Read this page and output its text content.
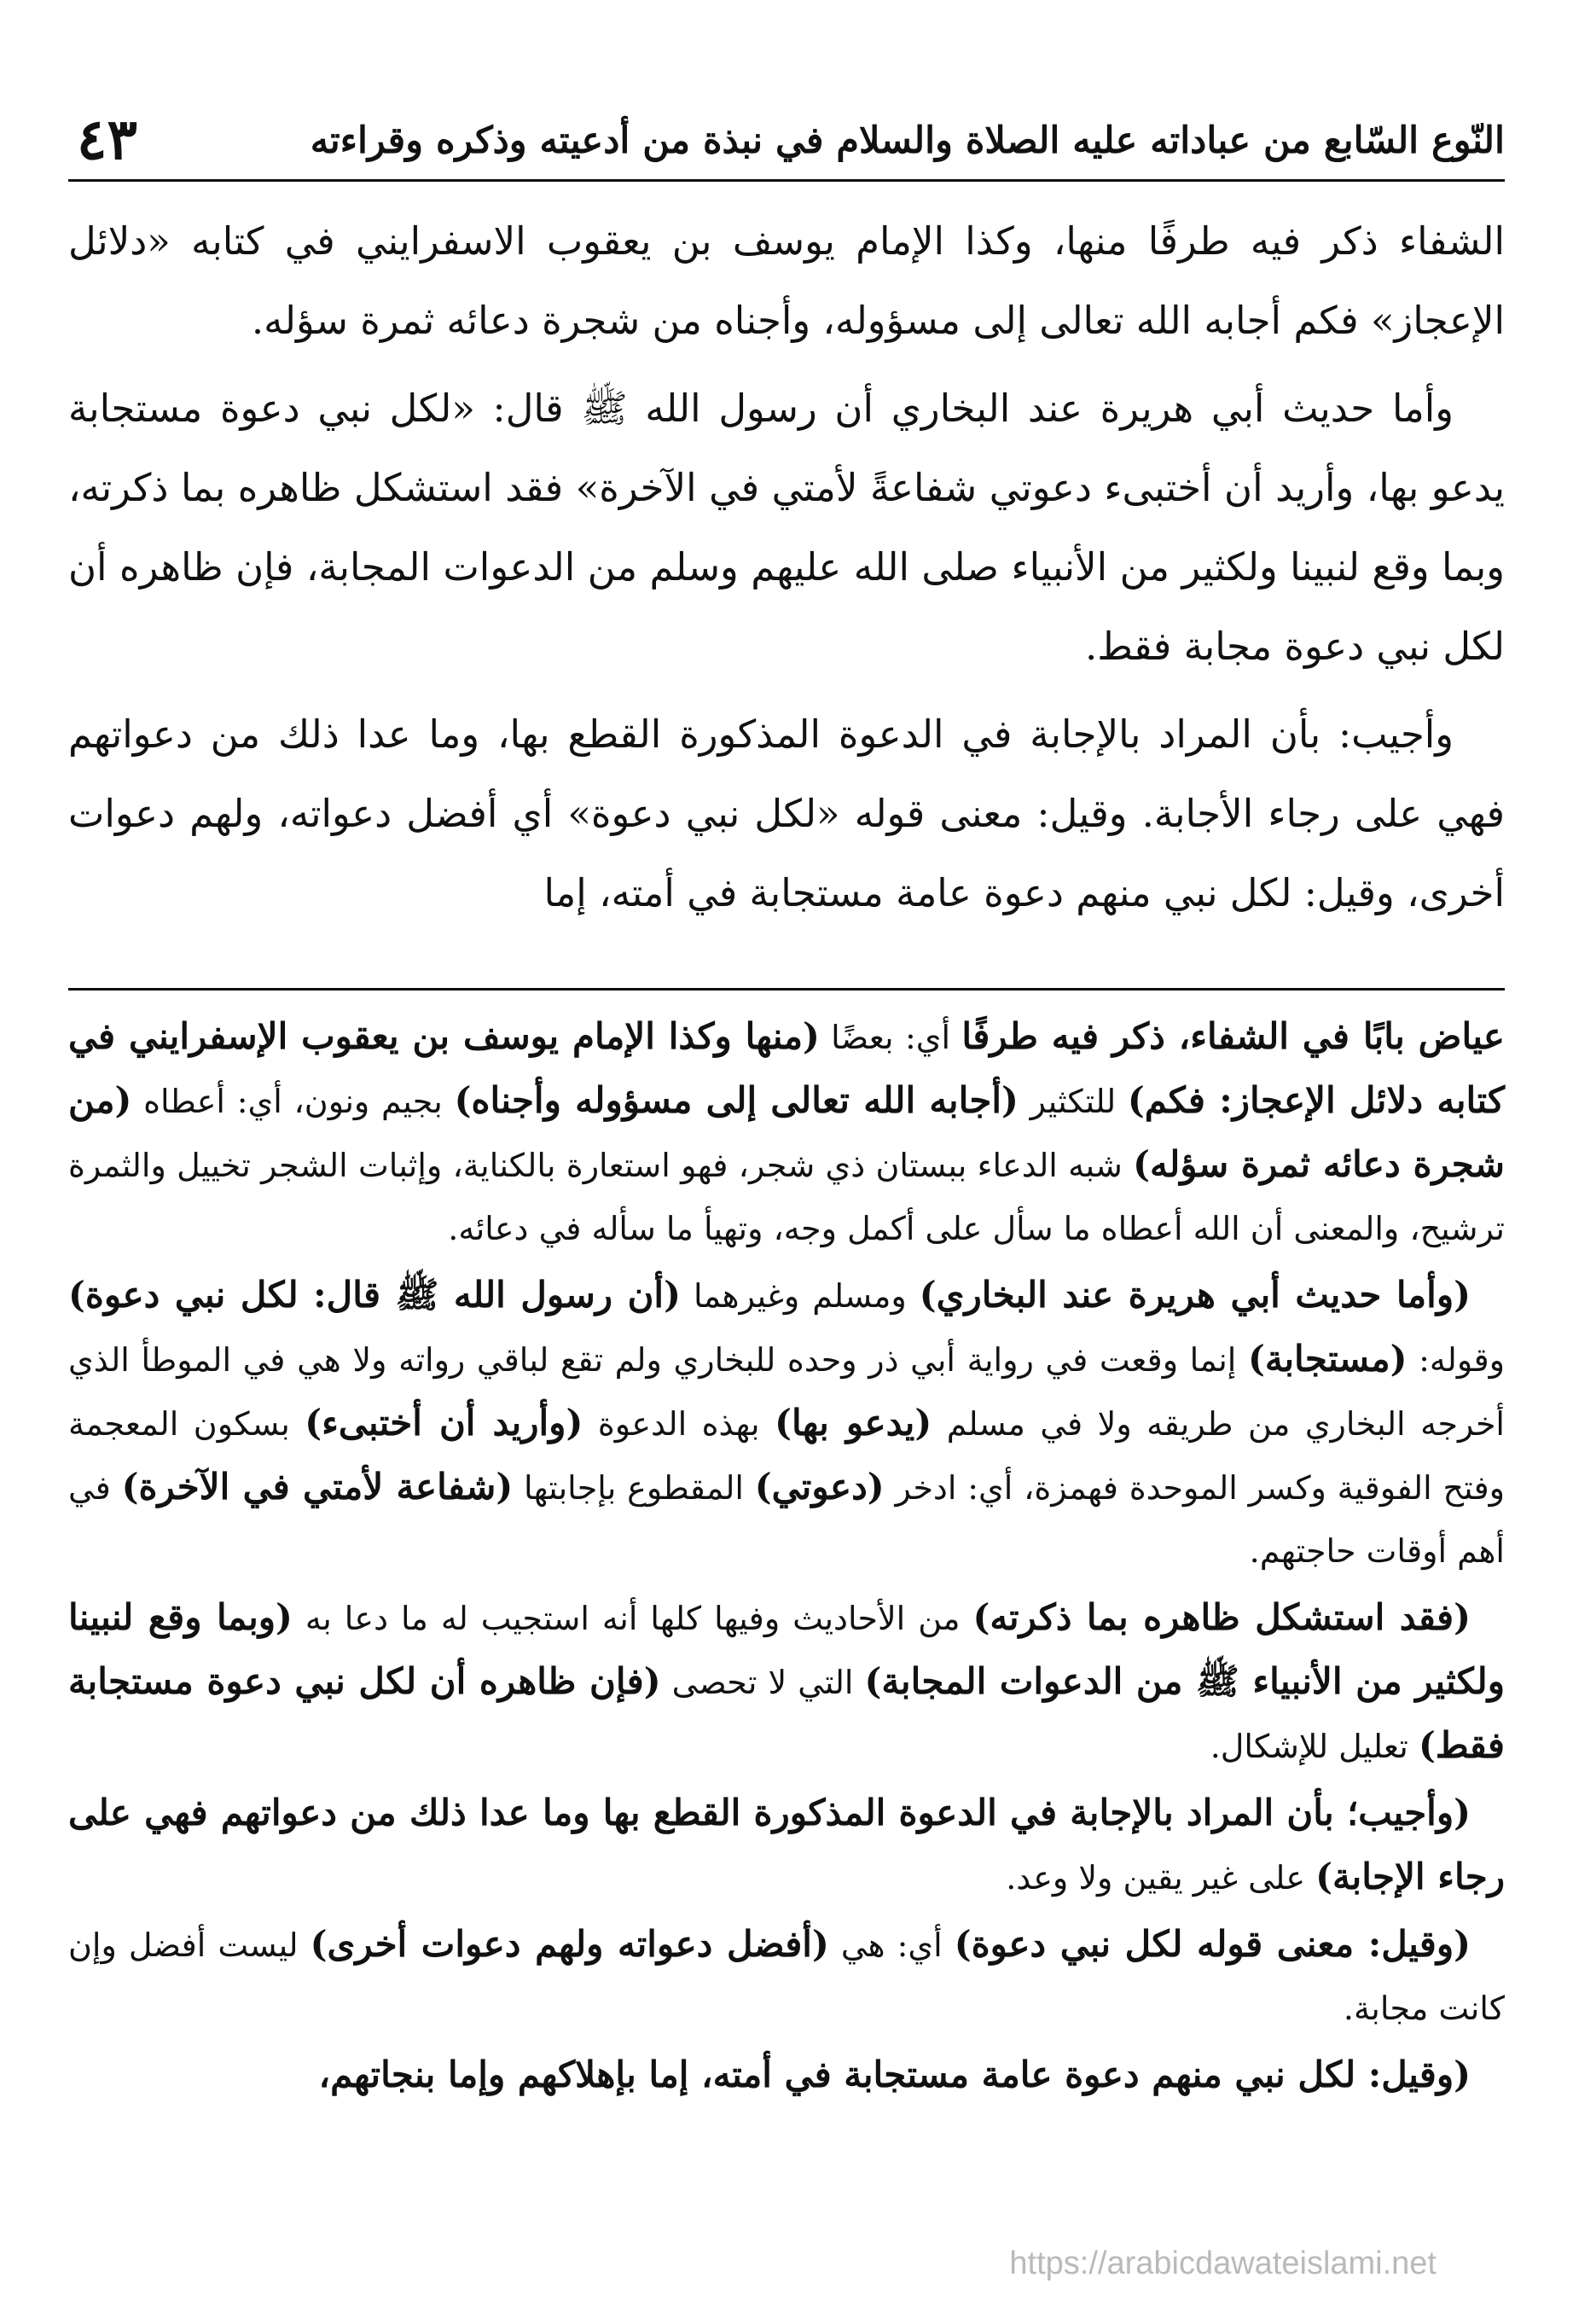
النّوع السّابع من عباداته عليه الصلاة والسلام في نبذة من أدعيته وذكره وقراءته
٤٣

الشفاء ذكر فيه طرفًا منها، وكذا الإمام يوسف بن يعقوب الاسفرايني في كتابه «دلائل الإعجاز» فكم أجابه الله تعالى إلى مسؤوله، وأجناه من شجرة دعائه ثمرة سؤله.

وأما حديث أبي هريرة عند البخاري أن رسول الله ﷺ قال: «لكل نبي دعوة مستجابة يدعو بها، وأريد أن أختبىء دعوتي شفاعةً لأمتي في الآخرة» فقد استشكل ظاهره بما ذكرته، وبما وقع لنبينا ولكثير من الأنبياء صلى الله عليهم وسلم من الدعوات المجابة، فإن ظاهره أن لكل نبي دعوة مجابة فقط.

وأجيب: بأن المراد بالإجابة في الدعوة المذكورة القطع بها، وما عدا ذلك من دعواتهم فهي على رجاء الأجابة. وقيل: معنى قوله «لكل نبي دعوة» أي أفضل دعواته، ولهم دعوات أخرى، وقيل: لكل نبي منهم دعوة عامة مستجابة في أمته، إما

عياض بابًا في الشفاء، ذكر فيه طرفًا أي: بعضًا (منها وكذا الإمام يوسف بن يعقوب الإسفرايني في كتابه دلائل الإعجاز: فكم) للتكثير (أجابه الله تعالى إلى مسؤوله وأجناه) بجيم ونون، أي: أعطاه (من شجرة دعائه ثمرة سؤله) شبه الدعاء ببستان ذي شجر، فهو استعارة بالكناية، وإثبات الشجر تخييل والثمرة ترشيح، والمعنى أن الله أعطاه ما سأل على أكمل وجه، وتهيأ ما سأله في دعائه.

(وأما حديث أبي هريرة عند البخاري) ومسلم وغيرهما (أن رسول الله ﷺ قال: لكل نبي دعوة) وقوله: (مستجابة) إنما وقعت في رواية أبي ذر وحده للبخاري ولم تقع لباقي رواته ولا هي في الموطأ الذي أخرجه البخاري من طريقه ولا في مسلم (يدعو بها) بهذه الدعوة (وأريد أن أختبىء) بسكون المعجمة وفتح الفوقية وكسر الموحدة فهمزة، أي: ادخر (دعوتي) المقطوع بإجابتها (شفاعة لأمتي في الآخرة) في أهم أوقات حاجتهم.

(فقد استشكل ظاهره بما ذكرته) من الأحاديث وفيها كلها أنه استجيب له ما دعا به (وبما وقع لنبينا ولكثير من الأنبياء ﷺ من الدعوات المجابة) التي لا تحصى (فإن ظاهره أن لكل نبي دعوة مستجابة فقط) تعليل للإشكال.

(وأجيب؛ بأن المراد بالإجابة في الدعوة المذكورة القطع بها وما عدا ذلك من دعواتهم فهي على رجاء الإجابة) على غير يقين ولا وعد.

(وقيل: معنى قوله لكل نبي دعوة) أي: هي (أفضل دعواته ولهم دعوات أخرى) ليست أفضل وإن كانت مجابة.

(وقيل: لكل نبي منهم دعوة عامة مستجابة في أمته، إما بإهلاكهم وإما بنجاتهم،

https://arabicdawateislami.net
